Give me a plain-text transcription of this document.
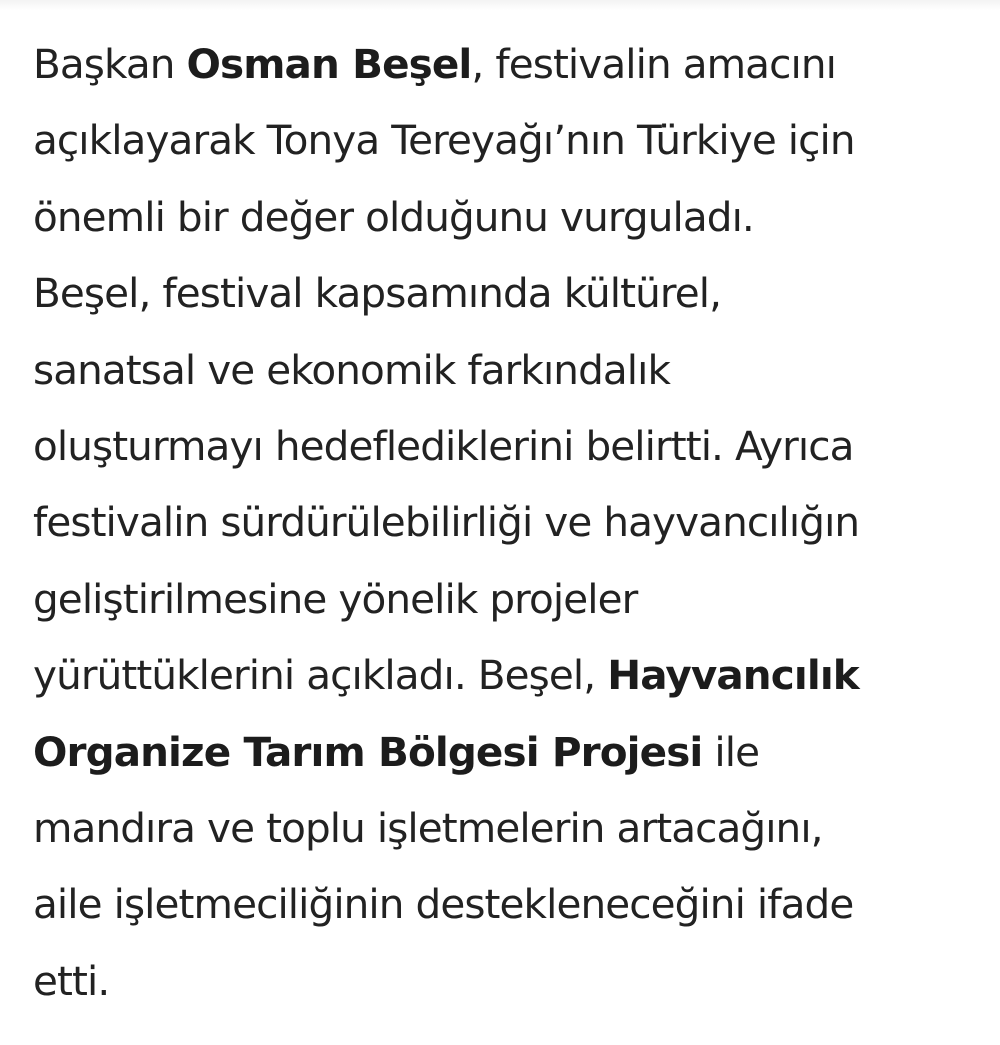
Başkan Osman Beşel, festivalin amacını
açıklayarak Tonya Tereyağı’nın Türkiye için
önemli bir değer olduğunu vurguladı.
Beşel, festival kapsamında kültürel,
sanatsal ve ekonomik farkındalık
oluşturmayı hedeflediklerini belirtti. Ayrıca
festivalin sürdürülebilirliği ve hayvancılığın
geliştirilmesine yönelik projeler
yürüttüklerini açıkladı. Beşel, Hayvancılık
Organize Tarım Bölgesi Projesi ile
mandıra ve toplu işletmelerin artacağını,
aile işletmeciliğinin destekleneceğini ifade
etti.
